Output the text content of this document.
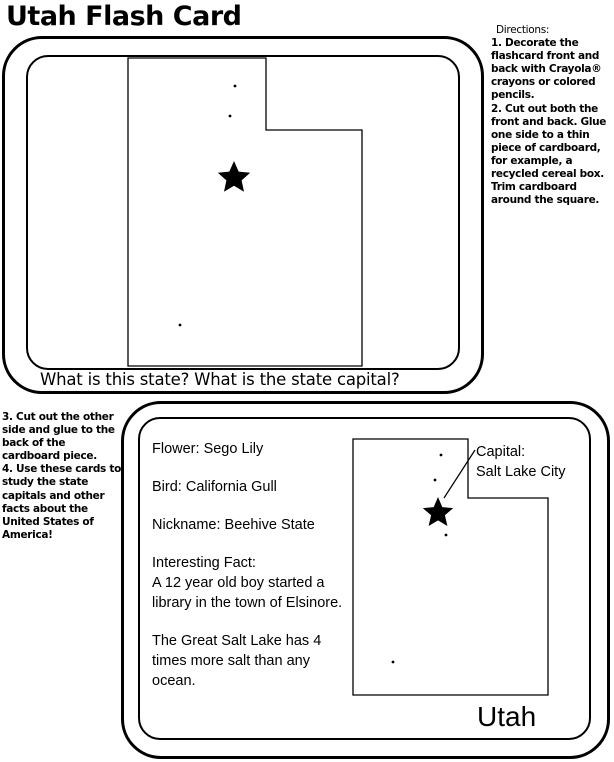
Utah Flash Card	Directions:
1. Decorate the flashcard front and back with Crayola® crayons or colored pencils.
2. Cut out both the front and back. Glue one side to a thin piece of cardboard, for example, a recycled cereal box. Trim cardboard around the square.
What is this state? What is the state capital?
3. Cut out the other side and glue to the back of the cardboard piece.
4. Use these cards to study the state capitals and other facts about the United States of America!
Flower: Sego Lily
Bird: California Gull
Nickname: Beehive State
Interesting Fact:
A 12 year old boy started a library in the town of Elsinore.
The Great Salt Lake has 4 times more salt than any ocean.
Capital:
Salt Lake City
Utah
